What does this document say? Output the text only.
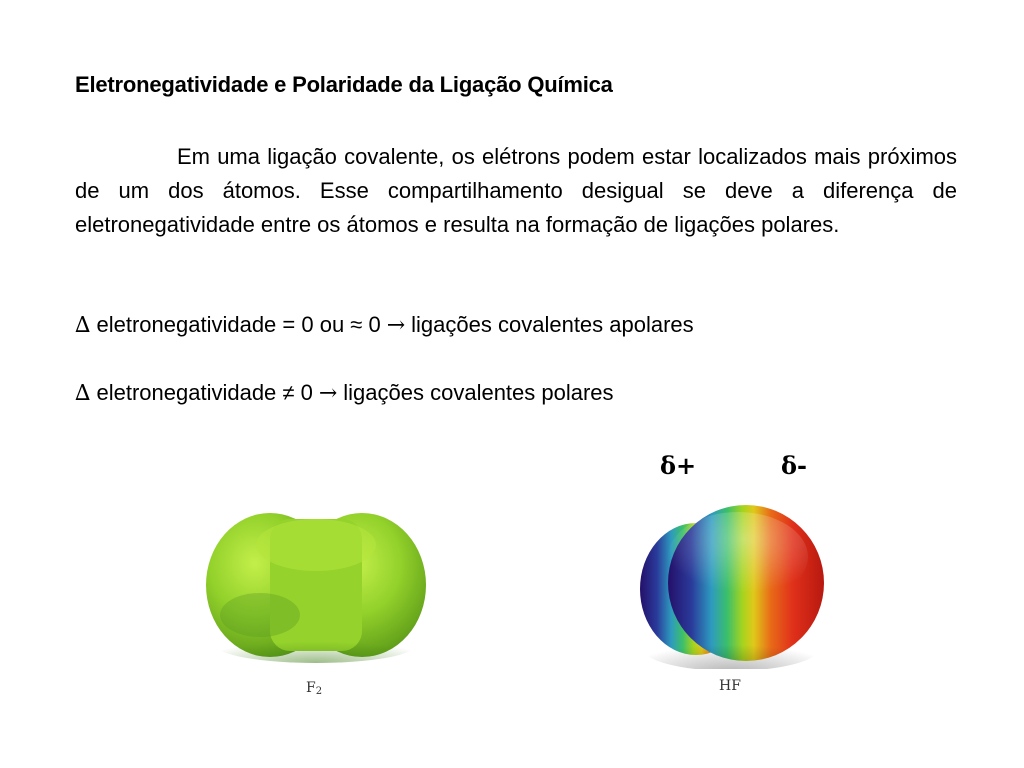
Eletronegatividade e Polaridade da Ligação Química

Em uma ligação covalente, os elétrons podem estar localizados mais próximos de um dos átomos. Esse compartilhamento desigual se deve a diferença de eletronegatividade entre os átomos e resulta na formação de ligações polares.

∆ eletronegatividade = 0 ou ≈ 0 → ligações covalentes apolares
∆ eletronegatividade ≠ 0 → ligações covalentes polares
δ+	δ-
$F_2$	HF
